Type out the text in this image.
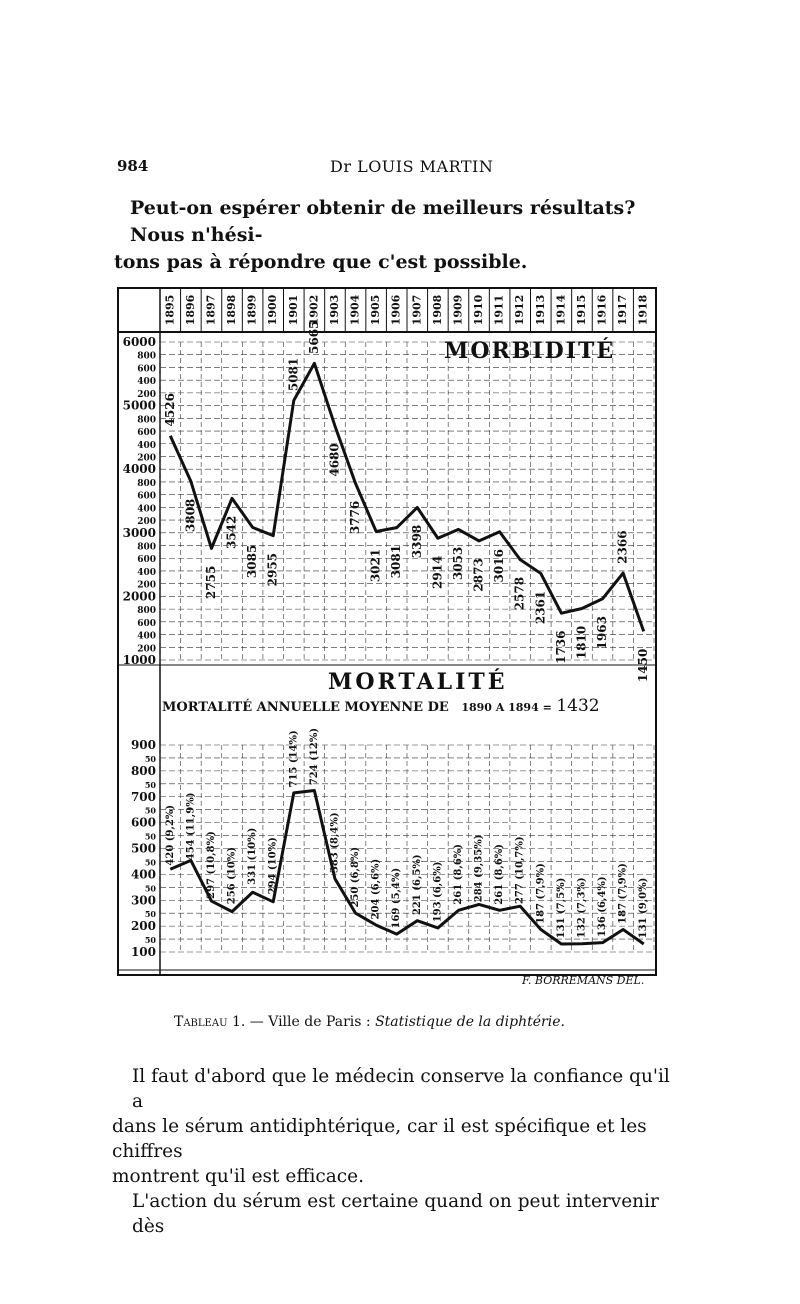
984	Dr LOUIS MARTIN
Peut-on espérer obtenir de meilleurs résultats? Nous n'hési-
tons pas à répondre que c'est possible.
1895 1896 1897 1898 1899 1900 1901 1902 1903 1904 1905 1906 1907 1908 1909 1910 1911 1912 1913 1914 1915 1916 1917 1918
6000
800
600
400
200
5000
800
600
400
200
4000
800
600
400
200
3000
800
600
400
200
2000
800
600
400
200
1000
900
50
800
50
700
50
600
50
500
50
400
50
300
50
200
50
100
4526
3808
2755
3542
3085 2955
5081
5665
4680
3776
3021 3081
3398
2914 3053 2873 3016
2578 2361
1736 1810 1963
2366
1450
420 (9,2%) 454 (11,9%)
297 (10,8%) 256 (10%) 331 (10%) 294 (10%)
715 (14%) 724 (12%)
383 (8,4%)
250 (6,8%) 204 (6,6%) 169 (5,4%) 221 (6,5%) 193 (6,6%) 261 (8,6%) 284 (9,35%) 261 (8,6%) 277 (10,7%) 187 (7,9%) 131 (7,5%) 132 (7,3%) 136 (6,4%) 187 (7,9%) 131 (9,0%)
MORBIDITÉ
MORTALITÉ
MORTALITÉ ANNUELLE MOYENNE DE 1890 A 1894 = 1432
F. BORREMANS DEL.
Tableau 1. — Ville de Paris : Statistique de la diphtérie.
Il faut d'abord que le médecin conserve la confiance qu'il a
dans le sérum antidiphtérique, car il est spécifique et les chiffres
montrent qu'il est efficace.
L'action du sérum est certaine quand on peut intervenir dès
